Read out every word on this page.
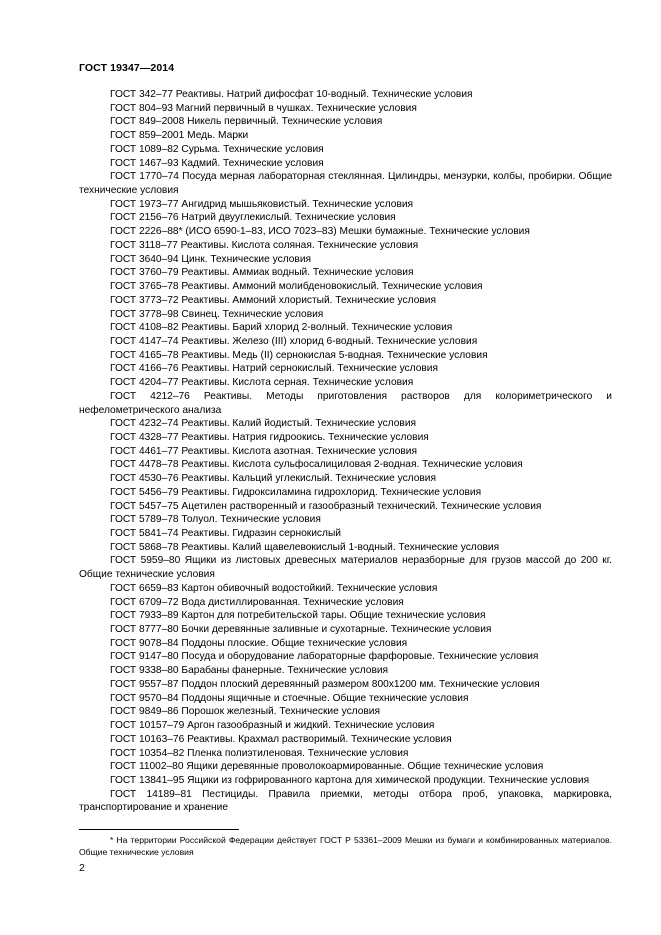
ГОСТ 19347—2014
ГОСТ 342–77 Реактивы. Натрий дифосфат 10-водный. Технические условия
ГОСТ 804–93 Магний первичный в чушках. Технические условия
ГОСТ 849–2008 Никель первичный. Технические условия
ГОСТ 859–2001 Медь. Марки
ГОСТ 1089–82 Сурьма. Технические условия
ГОСТ 1467–93 Кадмий. Технические условия
ГОСТ 1770–74 Посуда мерная лабораторная стеклянная. Цилиндры, мензурки, колбы, пробирки. Общие технические условия
ГОСТ 1973–77 Ангидрид мышьяковистый. Технические условия
ГОСТ 2156–76 Натрий двууглекислый. Технические условия
ГОСТ 2226–88* (ИСО 6590-1–83, ИСО 7023–83) Мешки бумажные. Технические условия
ГОСТ 3118–77 Реактивы. Кислота соляная. Технические условия
ГОСТ 3640–94 Цинк. Технические условия
ГОСТ 3760–79 Реактивы. Аммиак водный. Технические условия
ГОСТ 3765–78 Реактивы. Аммоний молибденовокислый. Технические условия
ГОСТ 3773–72 Реактивы. Аммоний хлористый. Технические условия
ГОСТ 3778–98 Свинец. Технические условия
ГОСТ 4108–82 Реактивы. Барий хлорид 2-волный. Технические условия
ГОСТ 4147–74 Реактивы. Железо (III) хлорид 6-водный. Технические условия
ГОСТ 4165–78 Реактивы. Медь (II) сернокислая 5-водная. Технические условия
ГОСТ 4166–76 Реактивы. Натрий сернокислый. Технические условия
ГОСТ 4204–77 Реактивы. Кислота серная. Технические условия
ГОСТ 4212–76 Реактивы. Методы приготовления растворов для колориметрического и нефелометрического анализа
ГОСТ 4232–74 Реактивы. Калий йодистый. Технические условия
ГОСТ 4328–77 Реактивы. Натрия гидроокись. Технические условия
ГОСТ 4461–77 Реактивы. Кислота азотная. Технические условия
ГОСТ 4478–78 Реактивы. Кислота сульфосалициловая 2-водная. Технические условия
ГОСТ 4530–76 Реактивы. Кальций углекислый. Технические условия
ГОСТ 5456–79 Реактивы. Гидроксиламина гидрохлорид. Технические условия
ГОСТ 5457–75 Ацетилен растворенный и газообразный технический. Технические условия
ГОСТ 5789–78 Толуол. Технические условия
ГОСТ 5841–74 Реактивы. Гидразин сернокислый
ГОСТ 5868–78 Реактивы. Калий щавелевокислый 1-водный. Технические условия
ГОСТ 5959–80 Ящики из листовых древесных материалов неразборные для грузов массой до 200 кг. Общие технические условия
ГОСТ 6659–83 Картон обивочный водостойкий. Технические условия
ГОСТ 6709–72 Вода дистиллированная. Технические условия
ГОСТ 7933–89 Картон для потребительской тары. Общие технические условия
ГОСТ 8777–80 Бочки деревянные заливные и сухотарные. Технические условия
ГОСТ 9078–84 Поддоны плоские. Общие технические условия
ГОСТ 9147–80 Посуда и оборудование лабораторные фарфоровые. Технические условия
ГОСТ 9338–80 Барабаны фанерные. Технические условия
ГОСТ 9557–87 Поддон плоский деревянный размером 800x1200 мм. Технические условия
ГОСТ 9570–84 Поддоны ящичные и стоечные. Общие технические условия
ГОСТ 9849–86 Порошок железный. Технические условия
ГОСТ 10157–79 Аргон газообразный и жидкий. Технические условия
ГОСТ 10163–76 Реактивы. Крахмал растворимый. Технические условия
ГОСТ 10354–82 Пленка полиэтиленовая. Технические условия
ГОСТ 11002–80 Ящики деревянные проволокоармированные. Общие технические условия
ГОСТ 13841–95 Ящики из гофрированного картона для химической продукции. Технические условия
ГОСТ 14189–81 Пестициды. Правила приемки, методы отбора проб, упаковка, маркировка, транспортирование и хранение
* На территории Российской Федерации действует ГОСТ Р 53361–2009 Мешки из бумаги и комбинированных материалов. Общие технические условия
2
